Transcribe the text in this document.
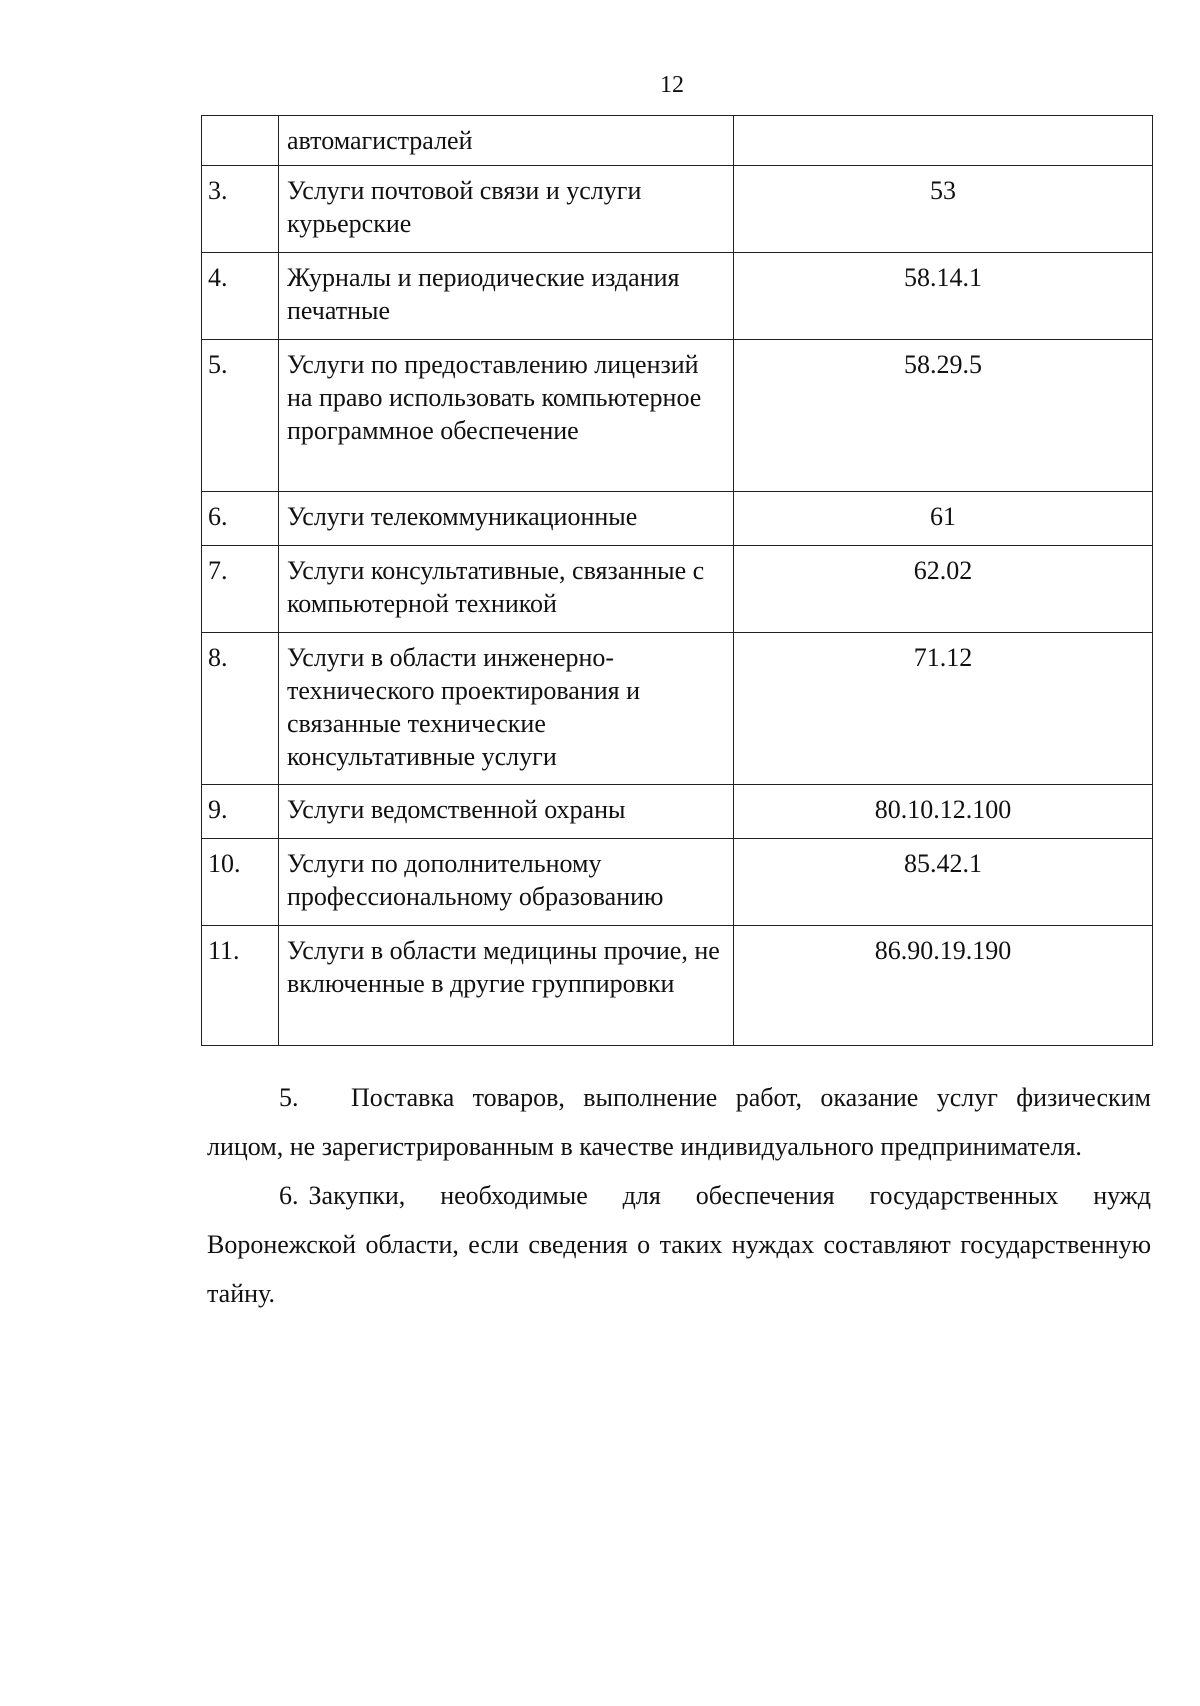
12
	автомагистралей	
3.	Услуги почтовой связи и услуги курьерские	53
4.	Журналы и периодические издания печатные	58.14.1
5.	Услуги по предоставлению лицензий на право использовать компьютерное программное обеспечение	58.29.5
6.	Услуги телекоммуникационные	61
7.	Услуги консультативные, связанные с компьютерной техникой	62.02
8.	Услуги в области инженерно-технического проектирования и связанные технические консультативные услуги	71.12
9.	Услуги ведомственной охраны	80.10.12.100
10.	Услуги по дополнительному профессиональному образованию	85.42.1
11.	Услуги в области медицины прочие, не включенные в другие группировки	86.90.19.190

5. Поставка товаров, выполнение работ, оказание услуг физическим лицом, не зарегистрированным в качестве индивидуального предпринимателя.

6. Закупки, необходимые для обеспечения государственных нужд Воронежской области, если сведения о таких нуждах составляют государственную тайну.
